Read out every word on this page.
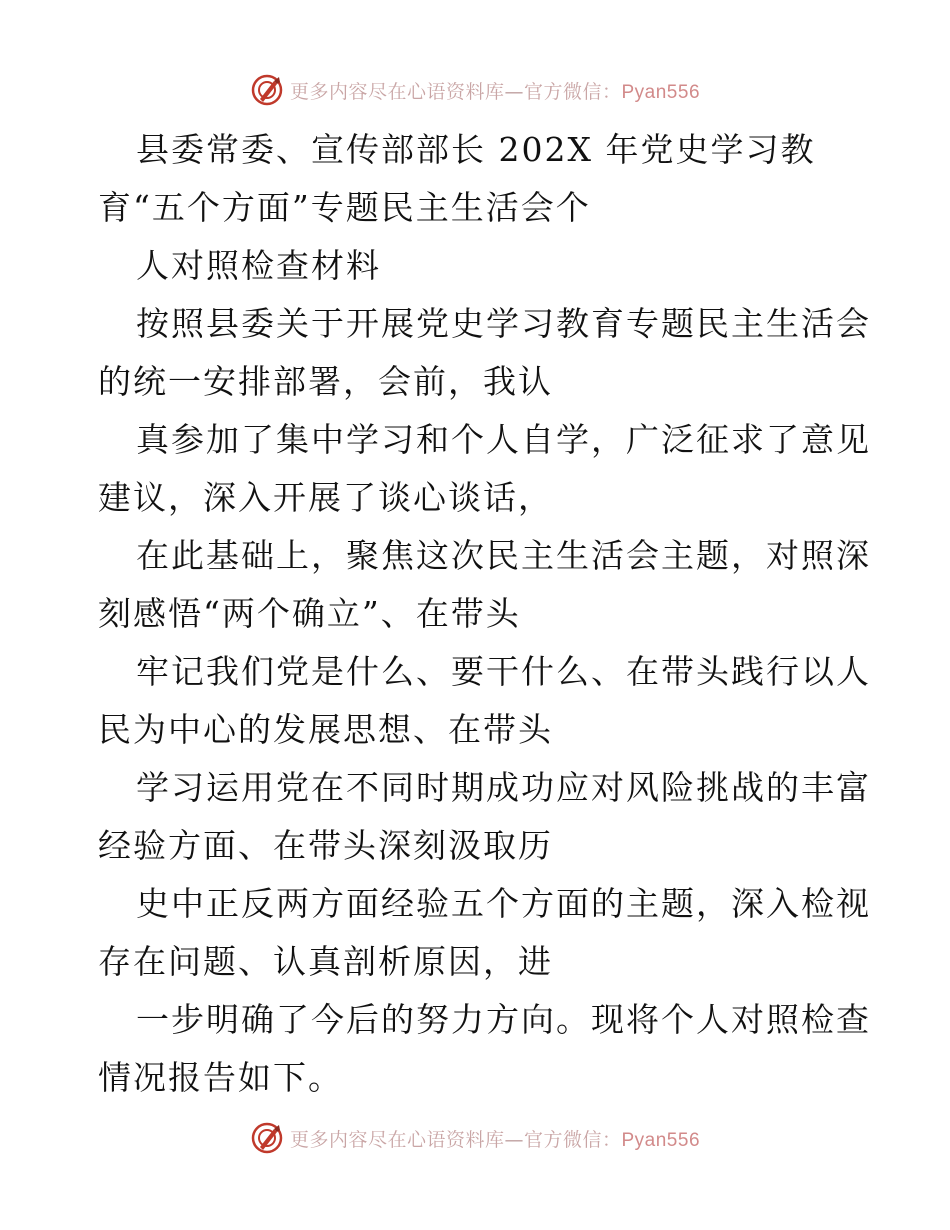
更多内容尽在心语资料库—官方微信：Pyan556
县委常委、宣传部部长 202X 年党史学习教
育“五个方面”专题民主生活会个
人对照检查材料
按照县委关于开展党史学习教育专题民主生活会
的统一安排部署，会前，我认
真参加了集中学习和个人自学，广泛征求了意见
建议，深入开展了谈心谈话，
在此基础上，聚焦这次民主生活会主题，对照深
刻感悟“两个确立”、在带头
牢记我们党是什么、要干什么、在带头践行以人
民为中心的发展思想、在带头
学习运用党在不同时期成功应对风险挑战的丰富
经验方面、在带头深刻汲取历
史中正反两方面经验五个方面的主题，深入检视
存在问题、认真剖析原因，进
一步明确了今后的努力方向。现将个人对照检查
情况报告如下。
更多内容尽在心语资料库—官方微信：Pyan556
